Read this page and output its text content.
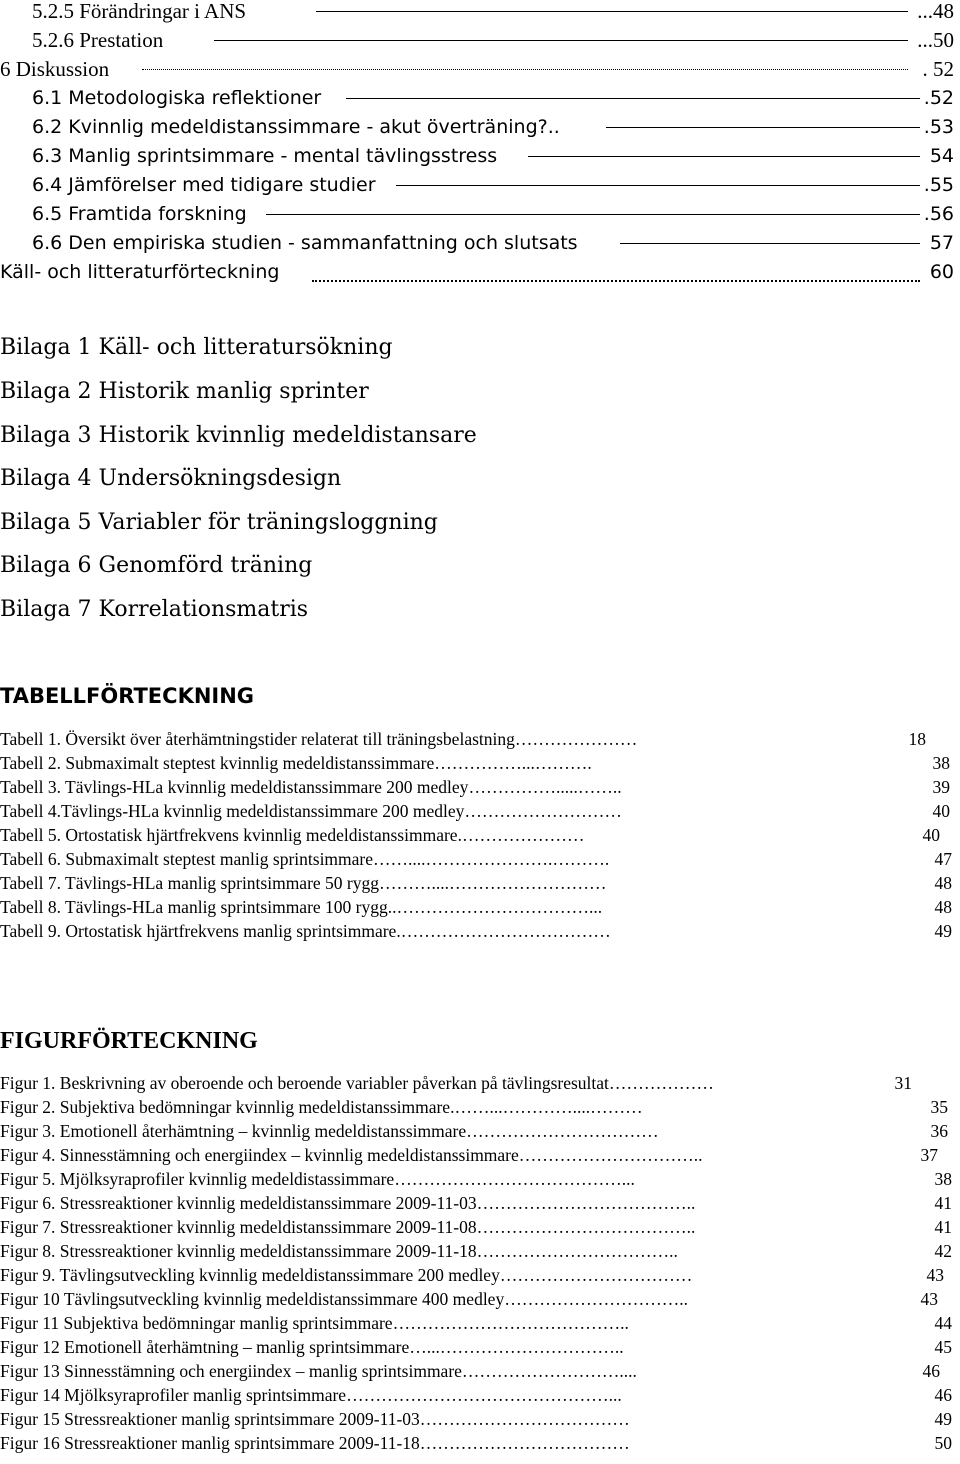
5.2.5 Förändringar i ANS	...48
5.2.6 Prestation	...50
6 Diskussion	. 52
6.1 Metodologiska reflektioner	.52
6.2 Kvinnlig medeldistanssimmare - akut överträning?..	.53
6.3 Manlig sprintsimmare - mental tävlingsstress	54
6.4 Jämförelser med tidigare studier	.55
6.5 Framtida forskning	.56
6.6 Den empiriska studien - sammanfattning och slutsats	57
Käll- och litteraturförteckning	60
Bilaga 1 Käll- och litteratursökning
Bilaga 2 Historik manlig sprinter
Bilaga 3 Historik kvinnlig medeldistansare
Bilaga 4 Undersökningsdesign
Bilaga 5 Variabler för träningsloggning
Bilaga 6 Genomförd träning
Bilaga 7 Korrelationsmatris
TABELLFÖRTECKNING
Tabell 1. Översikt över återhämtningstider relaterat till träningsbelastning…………………	18
Tabell 2. Submaximalt steptest kvinnlig medeldistanssimmare……………...……….	38
Tabell 3. Tävlings-HLa kvinnlig medeldistanssimmare 200 medley…………….....……..	39
Tabell 4.Tävlings-HLa kvinnlig medeldistanssimmare 200 medley………………………	40
Tabell 5. Ortostatisk hjärtfrekvens kvinnlig medeldistanssimmare.…………………	40
Tabell 6. Submaximalt steptest manlig sprintsimmare……....………………….……….	47
Tabell 7. Tävlings-HLa manlig sprintsimmare 50 rygg………....………………………	48
Tabell 8. Tävlings-HLa manlig sprintsimmare 100 rygg..……………………………...	48
Tabell 9. Ortostatisk hjärtfrekvens manlig sprintsimmare.………………………………	49
FIGURFÖRTECKNING
Figur 1. Beskrivning av oberoende och beroende variabler påverkan på tävlingsresultat………………	31
Figur 2. Subjektiva bedömningar kvinnlig medeldistanssimmare.……...…………....………	35
Figur 3. Emotionell återhämtning – kvinnlig medeldistanssimmare……………………………	36
Figur 4. Sinnesstämning och energiindex – kvinnlig medeldistanssimmare…………………………..	37
Figur 5. Mjölksyraprofiler kvinnlig medeldistassimmare…………………………………...	38
Figur 6. Stressreaktioner kvinnlig medeldistanssimmare 2009-11-03………………………………..	41
Figur 7. Stressreaktioner kvinnlig medeldistanssimmare 2009-11-08………………………………..	41
Figur 8. Stressreaktioner kvinnlig medeldistanssimmare 2009-11-18……………………………..	42
Figur 9. Tävlingsutveckling kvinnlig medeldistanssimmare 200 medley……………………………	43
Figur 10 Tävlingsutveckling kvinnlig medeldistanssimmare 400 medley…………………………..	43
Figur 11 Subjektiva bedömningar manlig sprintsimmare…………………………………..	44
Figur 12 Emotionell återhämtning – manlig sprintsimmare…...…………………………..	45
Figur 13 Sinnesstämning och energiindex – manlig sprintsimmare………………………....	46
Figur 14 Mjölksyraprofiler manlig sprintsimmare………………………………………...	46
Figur 15 Stressreaktioner manlig sprintsimmare 2009-11-03………………………………	49
Figur 16 Stressreaktioner manlig sprintsimmare 2009-11-18………………………………	50
